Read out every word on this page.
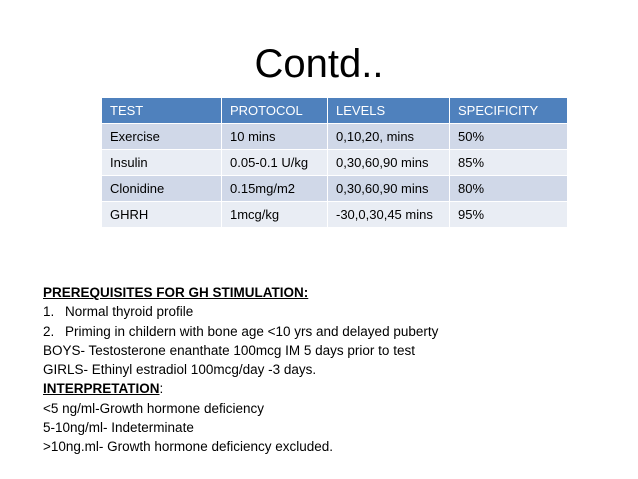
Contd..
TEST	PROTOCOL	LEVELS	SPECIFICITY
Exercise	10 mins	0,10,20, mins	50%
Insulin	0.05-0.1 U/kg	0,30,60,90 mins	85%
Clonidine	0.15mg/m2	0,30,60,90 mins	80%
GHRH	1mcg/kg	-30,0,30,45 mins	95%
PREREQUISITES FOR GH STIMULATION:
1. Normal thyroid profile
2. Priming in childern with bone age <10 yrs and delayed puberty
BOYS- Testosterone enanthate 100mcg IM 5 days prior to test
GIRLS- Ethinyl estradiol 100mcg/day -3 days.
INTERPRETATION:
<5 ng/ml-Growth hormone deficiency
5-10ng/ml- Indeterminate
>10ng.ml- Growth hormone deficiency excluded.
